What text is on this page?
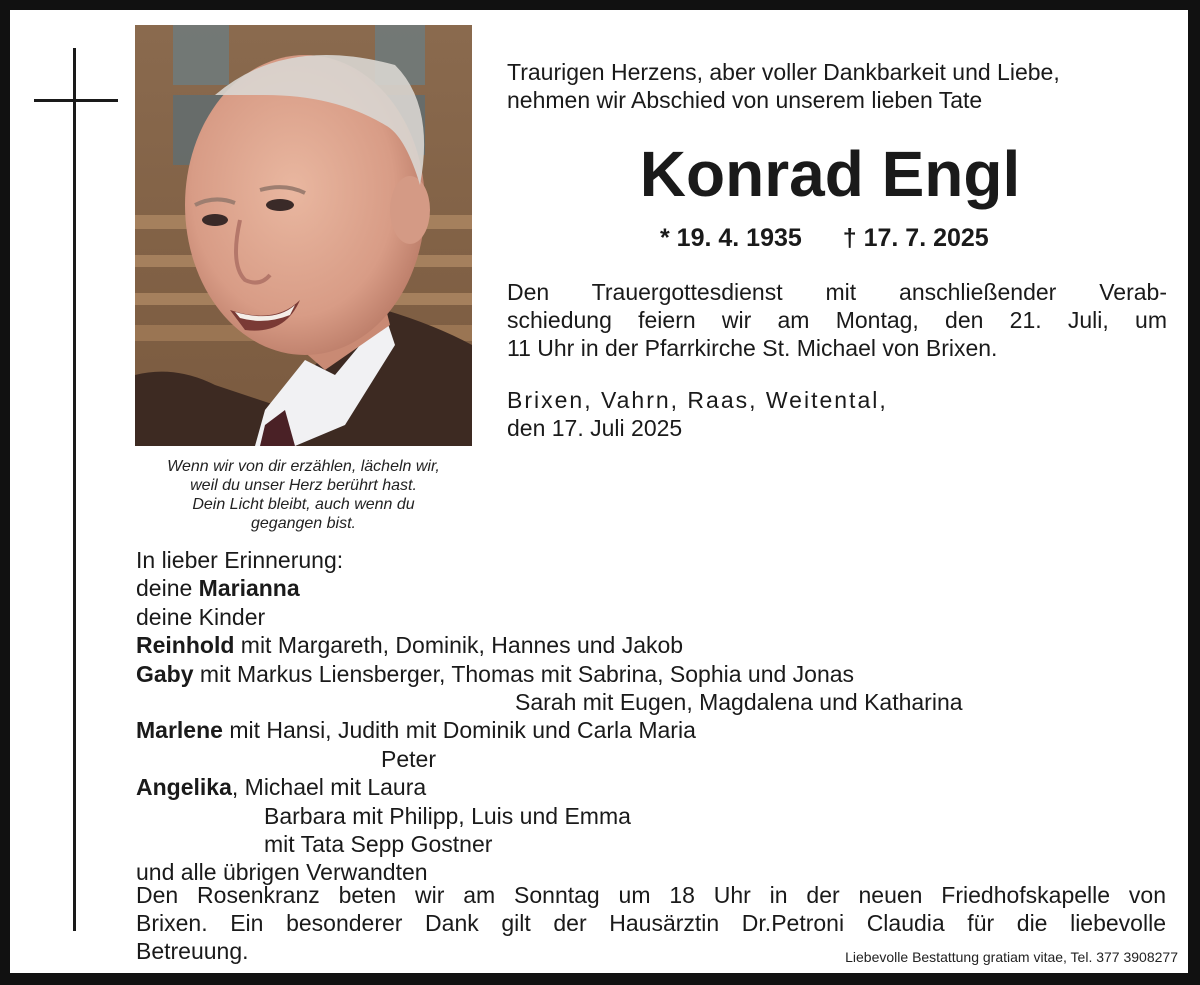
Wenn wir von dir erzählen, lächeln wir,
weil du unser Herz berührt hast.
Dein Licht bleibt, auch wenn du
gegangen bist.
Traurigen Herzens, aber voller Dankbarkeit und Liebe,
nehmen wir Abschied von unserem lieben Tate
Konrad Engl
* 19. 4. 1935 † 17. 7. 2025
Den Trauergottesdienst mit anschließender Verab-
schiedung feiern wir am Montag, den 21. Juli, um
11 Uhr in der Pfarrkirche St. Michael von Brixen.
Brixen, Vahrn, Raas, Weitental,
den 17. Juli 2025
In lieber Erinnerung:
deine Marianna
deine Kinder
Reinhold mit Margareth, Dominik, Hannes und Jakob
Gaby mit Markus Liensberger, Thomas mit Sabrina, Sophia und Jonas
Sarah mit Eugen, Magdalena und Katharina
Marlene mit Hansi, Judith mit Dominik und Carla Maria
Peter
Angelika, Michael mit Laura
Barbara mit Philipp, Luis und Emma
mit Tata Sepp Gostner
und alle übrigen Verwandten
Den Rosenkranz beten wir am Sonntag um 18 Uhr in der neuen Friedhofskapelle von
Brixen. Ein besonderer Dank gilt der Hausärztin Dr.Petroni Claudia für die liebevolle
Betreuung.	Liebevolle Bestattung gratiam vitae, Tel. 377 3908277
